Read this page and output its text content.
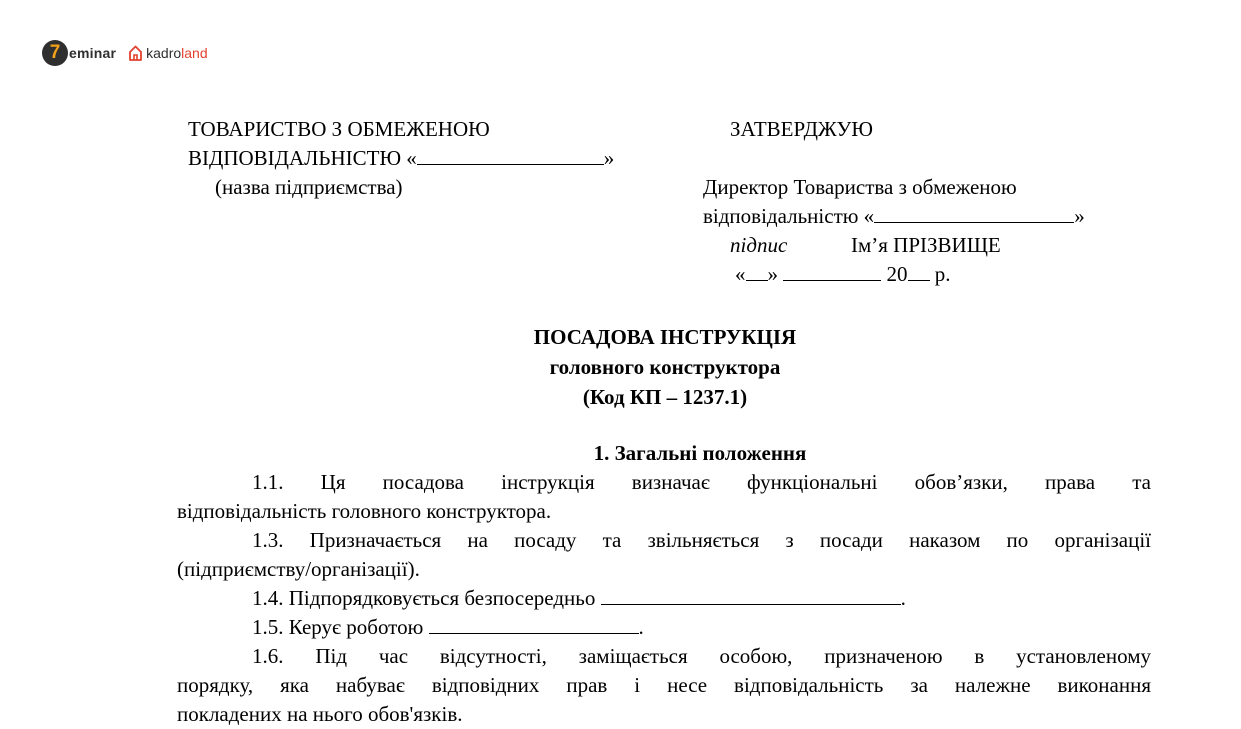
7 eminar kadroland
ТОВАРИСТВО З ОБМЕЖЕНОЮ
ВІДПОВІДАЛЬНІСТЮ «	»
(назва підприємства)
ЗАТВЕРДЖУЮ
Директор Товариства з обмеженою
відповідальністю «	»
підпис	Ім’я ПРІЗВИЩЕ
« »	20 р.
ПОСАДОВА ІНСТРУКЦІЯ
головного конструктора
(Код КП – 1237.1)
1. Загальні положення
1.1. Ця посадова інструкція визначає функціональні обов’язки, права та
відповідальність головного конструктора.
1.3. Призначається на посаду та звільняється з посади наказом по організації
(підприємству/організації).
1.4. Підпорядковується безпосередньо	.
1.5. Керує роботою	.
1.6. Під час відсутності, заміщається особою, призначеною в установленому
порядку, яка набуває відповідних прав і несе відповідальність за належне виконання
покладених на нього обов'язків.
